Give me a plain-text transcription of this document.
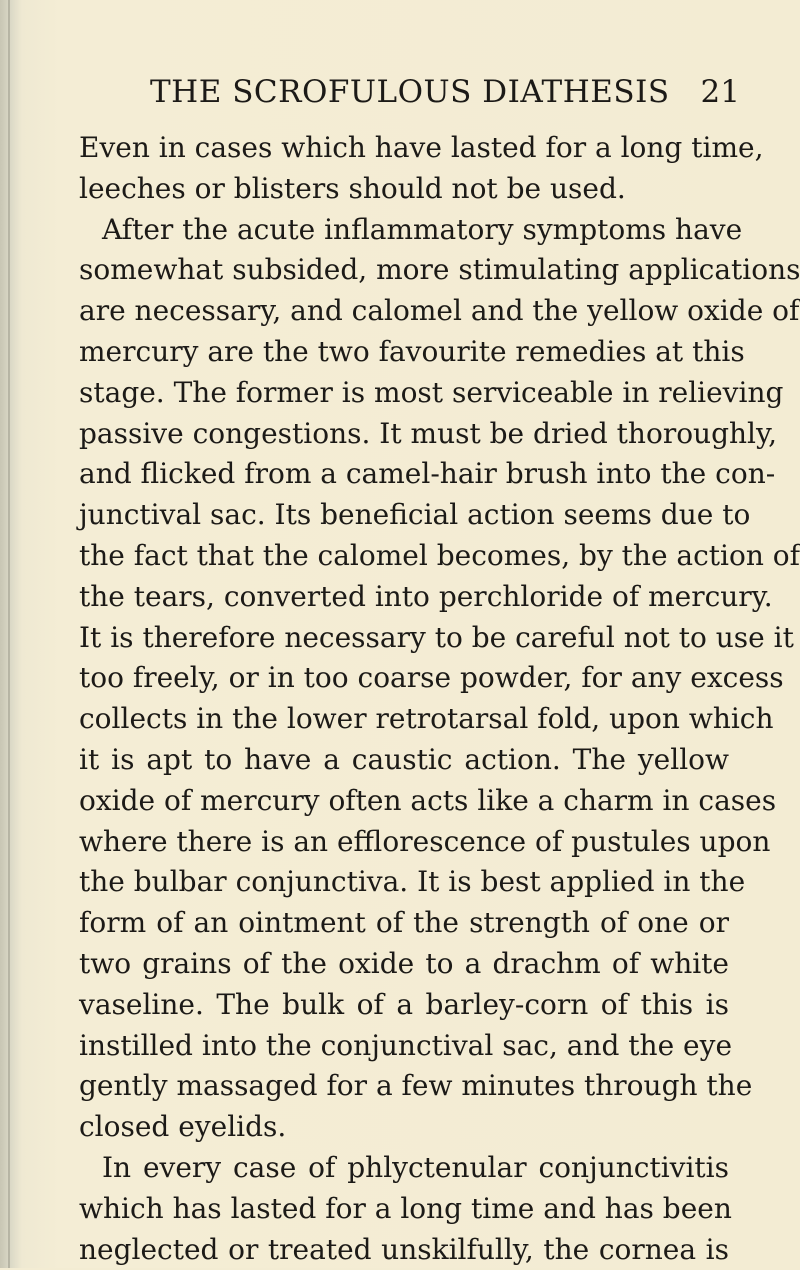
THE SCROFULOUS DIATHESIS 21
Even in cases which have lasted for a long time,
leeches or blisters should not be used.
After the acute inflammatory symptoms have
somewhat subsided, more stimulating applications
are necessary, and calomel and the yellow oxide of
mercury are the two favourite remedies at this
stage. The former is most serviceable in relieving
passive congestions. It must be dried thoroughly,
and flicked from a camel-hair brush into the con-
junctival sac. Its beneficial action seems due to
the fact that the calomel becomes, by the action of
the tears, converted into perchloride of mercury.
It is therefore necessary to be careful not to use it
too freely, or in too coarse powder, for any excess
collects in the lower retrotarsal fold, upon which
it is apt to have a caustic action. The yellow
oxide of mercury often acts like a charm in cases
where there is an efflorescence of pustules upon
the bulbar conjunctiva. It is best applied in the
form of an ointment of the strength of one or
two grains of the oxide to a drachm of white
vaseline. The bulk of a barley-corn of this is
instilled into the conjunctival sac, and the eye
gently massaged for a few minutes through the
closed eyelids.
In every case of phlyctenular conjunctivitis
which has lasted for a long time and has been
neglected or treated unskilfully, the cornea is
